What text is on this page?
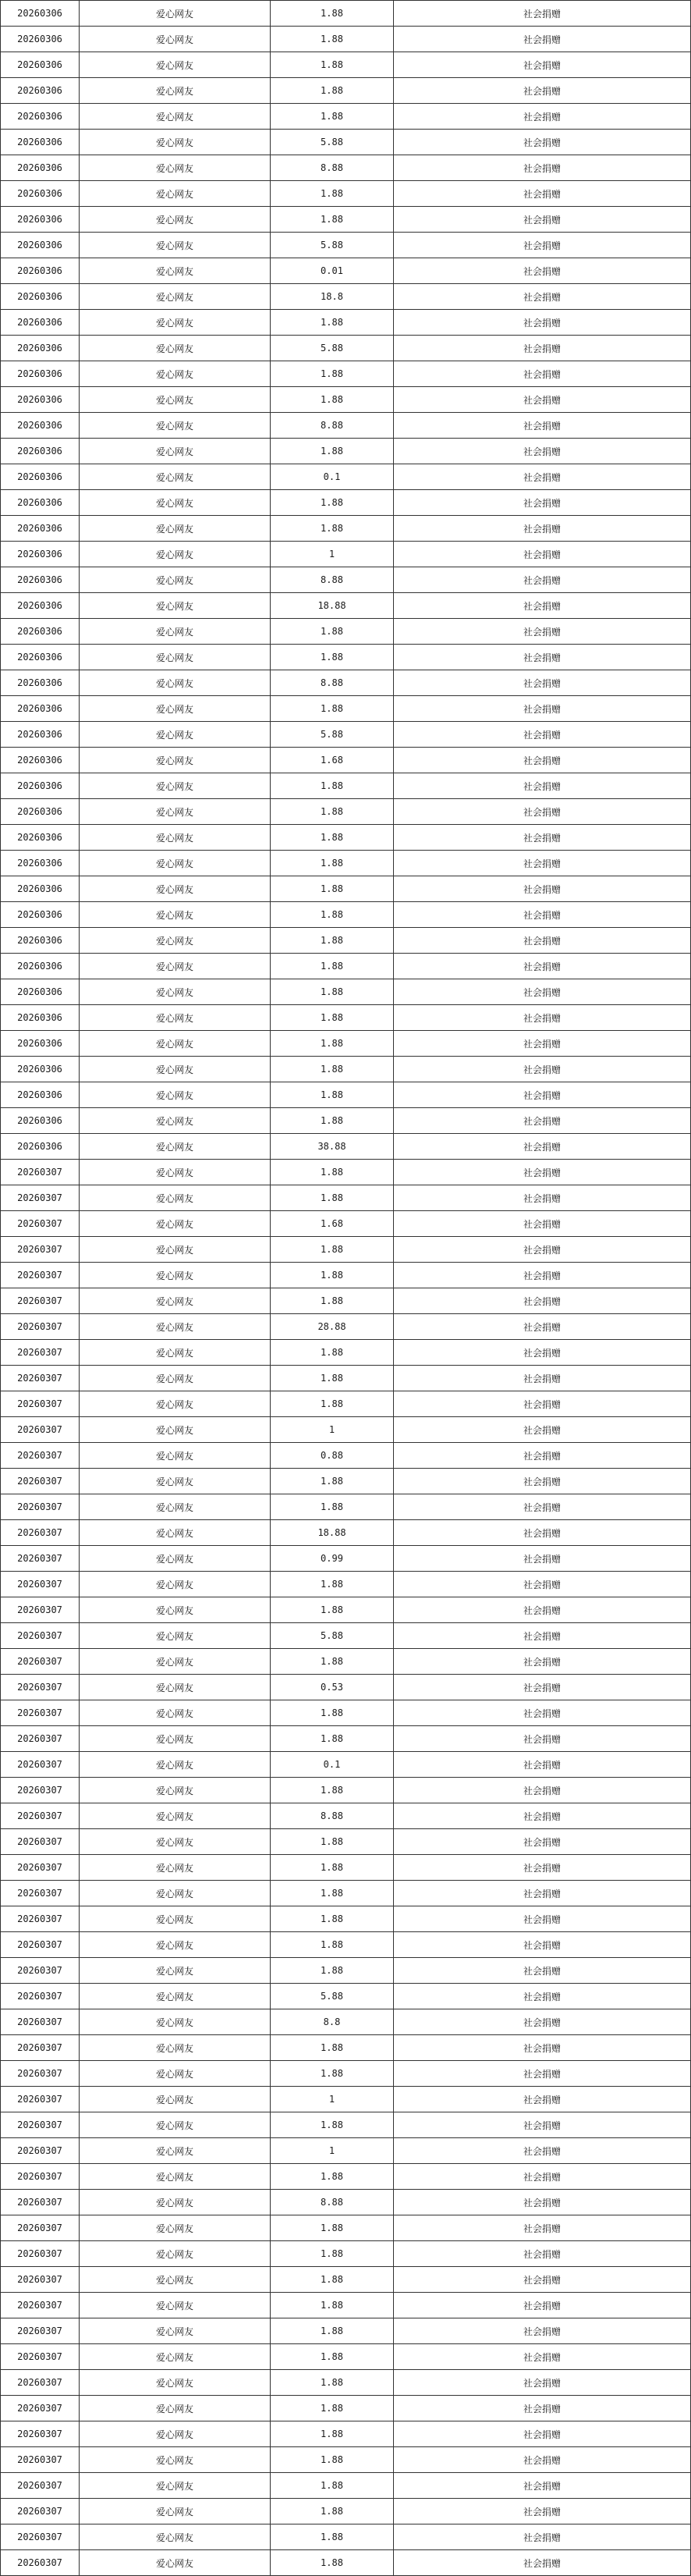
20260306	爱心网友	1.88	社会捐赠
20260306	爱心网友	1.88	社会捐赠
20260306	爱心网友	1.88	社会捐赠
20260306	爱心网友	1.88	社会捐赠
20260306	爱心网友	1.88	社会捐赠
20260306	爱心网友	5.88	社会捐赠
20260306	爱心网友	8.88	社会捐赠
20260306	爱心网友	1.88	社会捐赠
20260306	爱心网友	1.88	社会捐赠
20260306	爱心网友	5.88	社会捐赠
20260306	爱心网友	0.01	社会捐赠
20260306	爱心网友	18.8	社会捐赠
20260306	爱心网友	1.88	社会捐赠
20260306	爱心网友	5.88	社会捐赠
20260306	爱心网友	1.88	社会捐赠
20260306	爱心网友	1.88	社会捐赠
20260306	爱心网友	8.88	社会捐赠
20260306	爱心网友	1.88	社会捐赠
20260306	爱心网友	0.1	社会捐赠
20260306	爱心网友	1.88	社会捐赠
20260306	爱心网友	1.88	社会捐赠
20260306	爱心网友	1	社会捐赠
20260306	爱心网友	8.88	社会捐赠
20260306	爱心网友	18.88	社会捐赠
20260306	爱心网友	1.88	社会捐赠
20260306	爱心网友	1.88	社会捐赠
20260306	爱心网友	8.88	社会捐赠
20260306	爱心网友	1.88	社会捐赠
20260306	爱心网友	5.88	社会捐赠
20260306	爱心网友	1.68	社会捐赠
20260306	爱心网友	1.88	社会捐赠
20260306	爱心网友	1.88	社会捐赠
20260306	爱心网友	1.88	社会捐赠
20260306	爱心网友	1.88	社会捐赠
20260306	爱心网友	1.88	社会捐赠
20260306	爱心网友	1.88	社会捐赠
20260306	爱心网友	1.88	社会捐赠
20260306	爱心网友	1.88	社会捐赠
20260306	爱心网友	1.88	社会捐赠
20260306	爱心网友	1.88	社会捐赠
20260306	爱心网友	1.88	社会捐赠
20260306	爱心网友	1.88	社会捐赠
20260306	爱心网友	1.88	社会捐赠
20260306	爱心网友	1.88	社会捐赠
20260306	爱心网友	38.88	社会捐赠
20260307	爱心网友	1.88	社会捐赠
20260307	爱心网友	1.88	社会捐赠
20260307	爱心网友	1.68	社会捐赠
20260307	爱心网友	1.88	社会捐赠
20260307	爱心网友	1.88	社会捐赠
20260307	爱心网友	1.88	社会捐赠
20260307	爱心网友	28.88	社会捐赠
20260307	爱心网友	1.88	社会捐赠
20260307	爱心网友	1.88	社会捐赠
20260307	爱心网友	1.88	社会捐赠
20260307	爱心网友	1	社会捐赠
20260307	爱心网友	0.88	社会捐赠
20260307	爱心网友	1.88	社会捐赠
20260307	爱心网友	1.88	社会捐赠
20260307	爱心网友	18.88	社会捐赠
20260307	爱心网友	0.99	社会捐赠
20260307	爱心网友	1.88	社会捐赠
20260307	爱心网友	1.88	社会捐赠
20260307	爱心网友	5.88	社会捐赠
20260307	爱心网友	1.88	社会捐赠
20260307	爱心网友	0.53	社会捐赠
20260307	爱心网友	1.88	社会捐赠
20260307	爱心网友	1.88	社会捐赠
20260307	爱心网友	0.1	社会捐赠
20260307	爱心网友	1.88	社会捐赠
20260307	爱心网友	8.88	社会捐赠
20260307	爱心网友	1.88	社会捐赠
20260307	爱心网友	1.88	社会捐赠
20260307	爱心网友	1.88	社会捐赠
20260307	爱心网友	1.88	社会捐赠
20260307	爱心网友	1.88	社会捐赠
20260307	爱心网友	1.88	社会捐赠
20260307	爱心网友	5.88	社会捐赠
20260307	爱心网友	8.8	社会捐赠
20260307	爱心网友	1.88	社会捐赠
20260307	爱心网友	1.88	社会捐赠
20260307	爱心网友	1	社会捐赠
20260307	爱心网友	1.88	社会捐赠
20260307	爱心网友	1	社会捐赠
20260307	爱心网友	1.88	社会捐赠
20260307	爱心网友	8.88	社会捐赠
20260307	爱心网友	1.88	社会捐赠
20260307	爱心网友	1.88	社会捐赠
20260307	爱心网友	1.88	社会捐赠
20260307	爱心网友	1.88	社会捐赠
20260307	爱心网友	1.88	社会捐赠
20260307	爱心网友	1.88	社会捐赠
20260307	爱心网友	1.88	社会捐赠
20260307	爱心网友	1.88	社会捐赠
20260307	爱心网友	1.88	社会捐赠
20260307	爱心网友	1.88	社会捐赠
20260307	爱心网友	1.88	社会捐赠
20260307	爱心网友	1.88	社会捐赠
20260307	爱心网友	1.88	社会捐赠
20260307	爱心网友	1.88	社会捐赠
